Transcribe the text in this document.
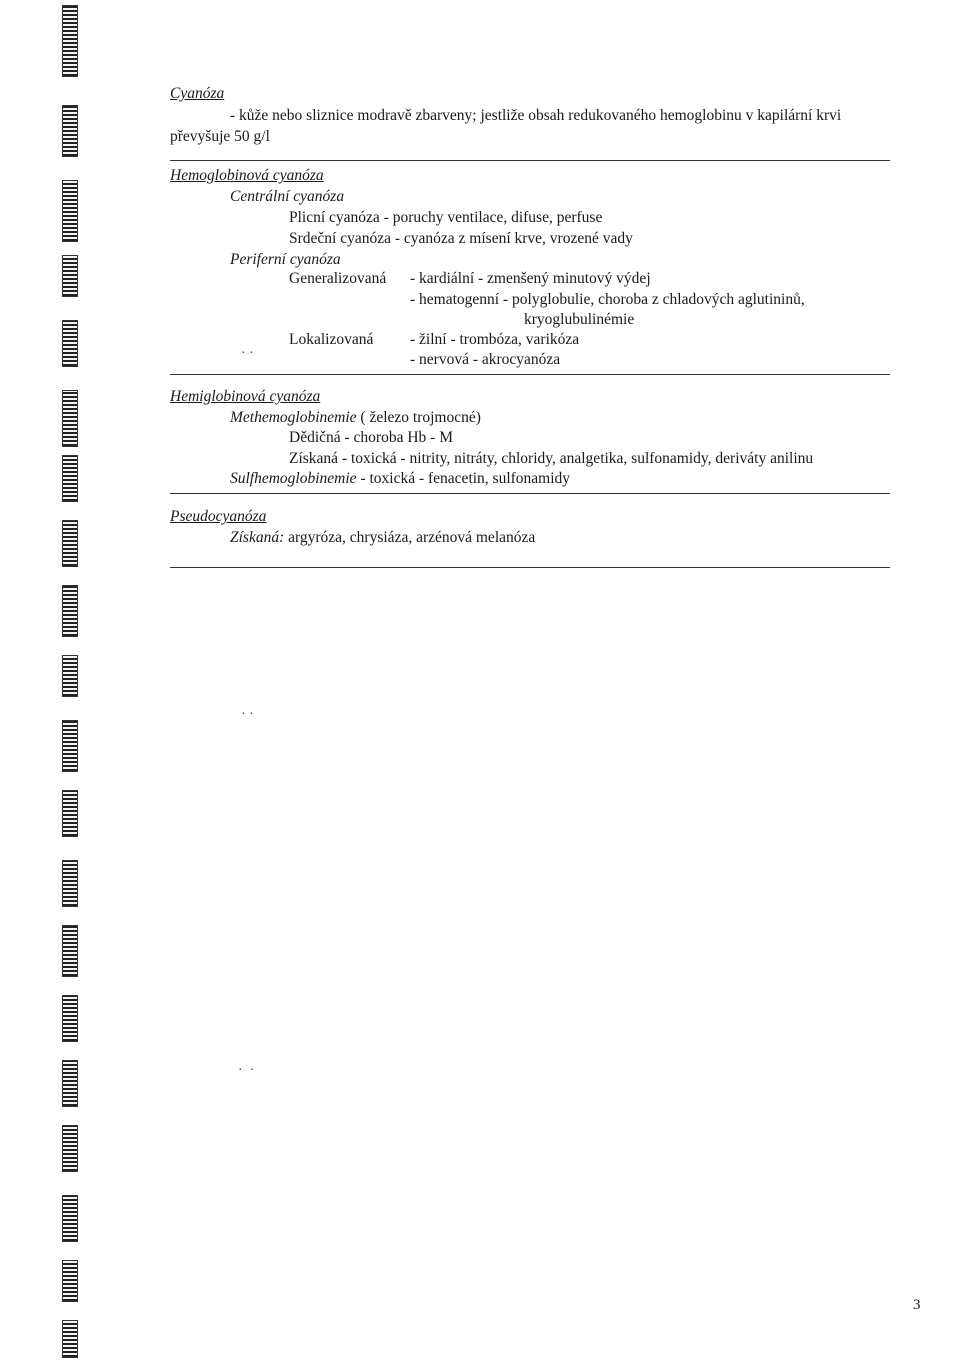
Cyanóza
- kůže nebo sliznice modravě zbarveny; jestliže obsah redukovaného hemoglobinu v kapilární krvi
převyšuje 50 g/l
Hemoglobinová cyanóza
Centrální cyanóza
Plicní cyanóza - poruchy ventilace, difuse, perfuse
Srdeční cyanóza - cyanóza z mísení krve, vrozené vady
Periferní cyanóza
Generalizovaná - kardiální - zmenšený minutový výdej
- hematogenní - polyglobulie, choroba z chladových aglutininů,
kryoglubulinémie
Lokalizovaná - žilní - trombóza, varikóza
· ·	- nervová - akrocyanóza
Hemiglobinová cyanóza
Methemoglobinemie ( železo trojmocné)
Dědičná - choroba Hb - M
Získaná - toxická - nitrity, nitráty, chloridy, analgetika, sulfonamidy, deriváty anilinu
Sulfhemoglobinemie - toxická - fenacetin, sulfonamidy
Pseudocyanóza
Získaná: argyróza, chrysiáza, arzénová melanóza
· ·
·  ·
3
